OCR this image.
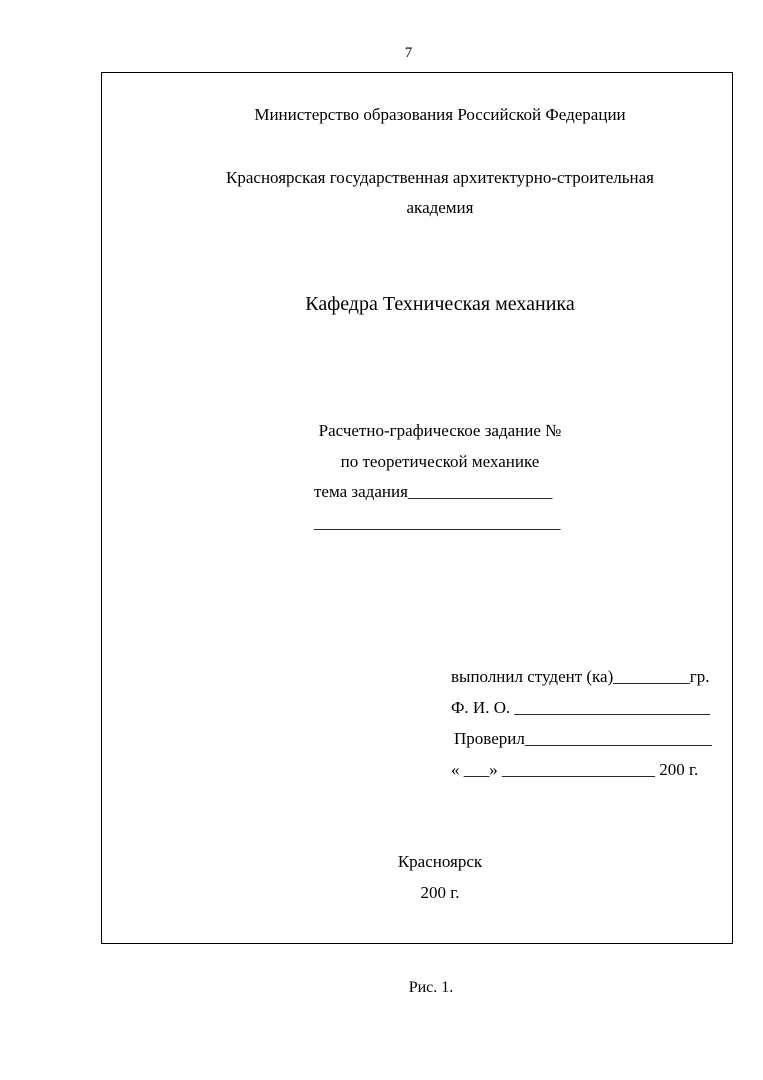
7
Министерство образования Российской Федерации
Красноярская государственная архитектурно-строительная
академия
Кафедра Техническая механика
Расчетно-графическое задание №
по теоретической механике
тема задания_________________
_____________________________
выполнил студент (ка)_________гр.
Ф. И. О. _______________________
Проверил______________________
« ___» __________________ 200 г.
Красноярск
200 г.
Рис. 1.
